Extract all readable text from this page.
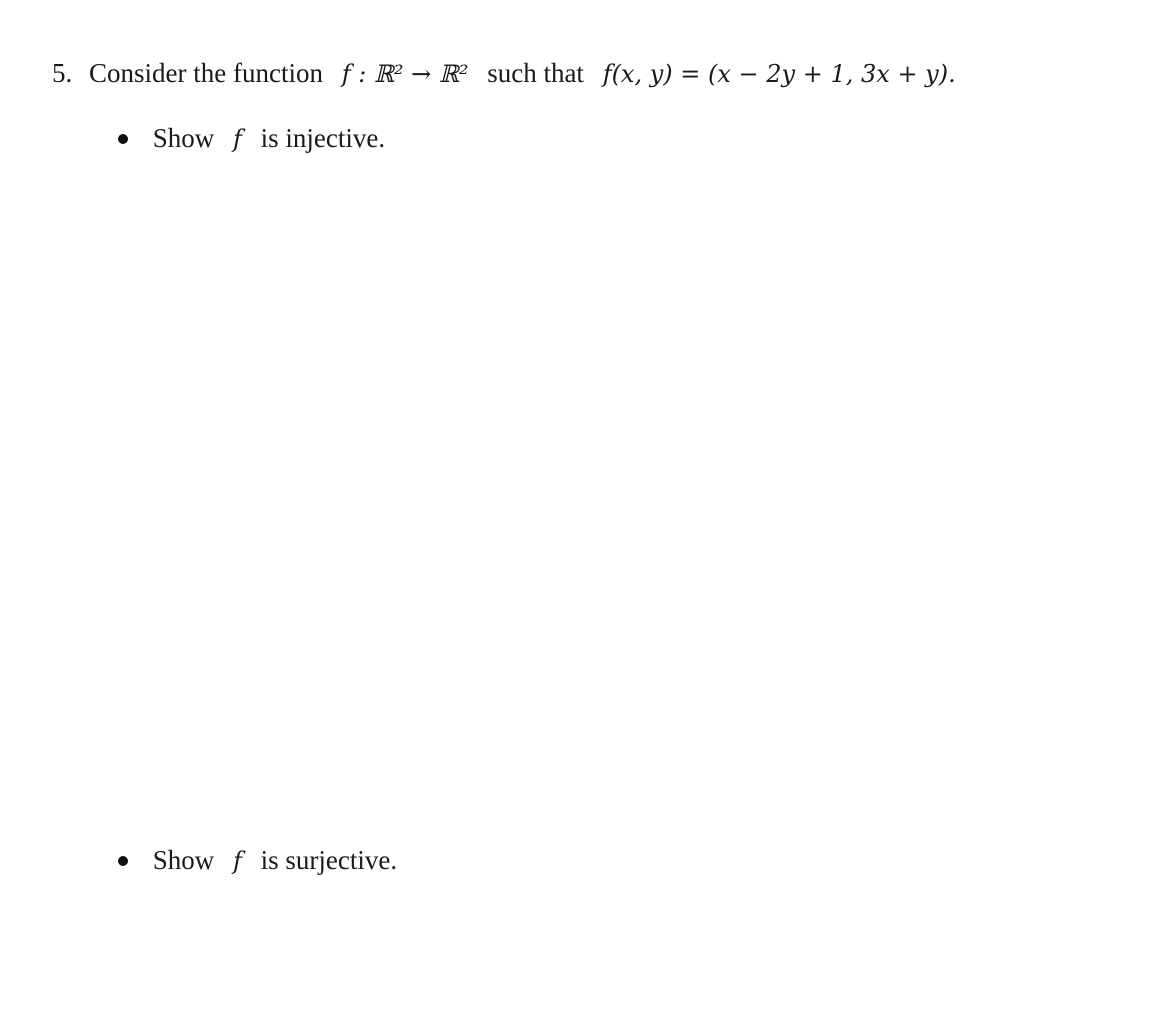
5. Consider the function f : ℝ² → ℝ² such that f(x, y) = (x − 2y + 1, 3x + y).
Show f is injective.
Show f is surjective.
